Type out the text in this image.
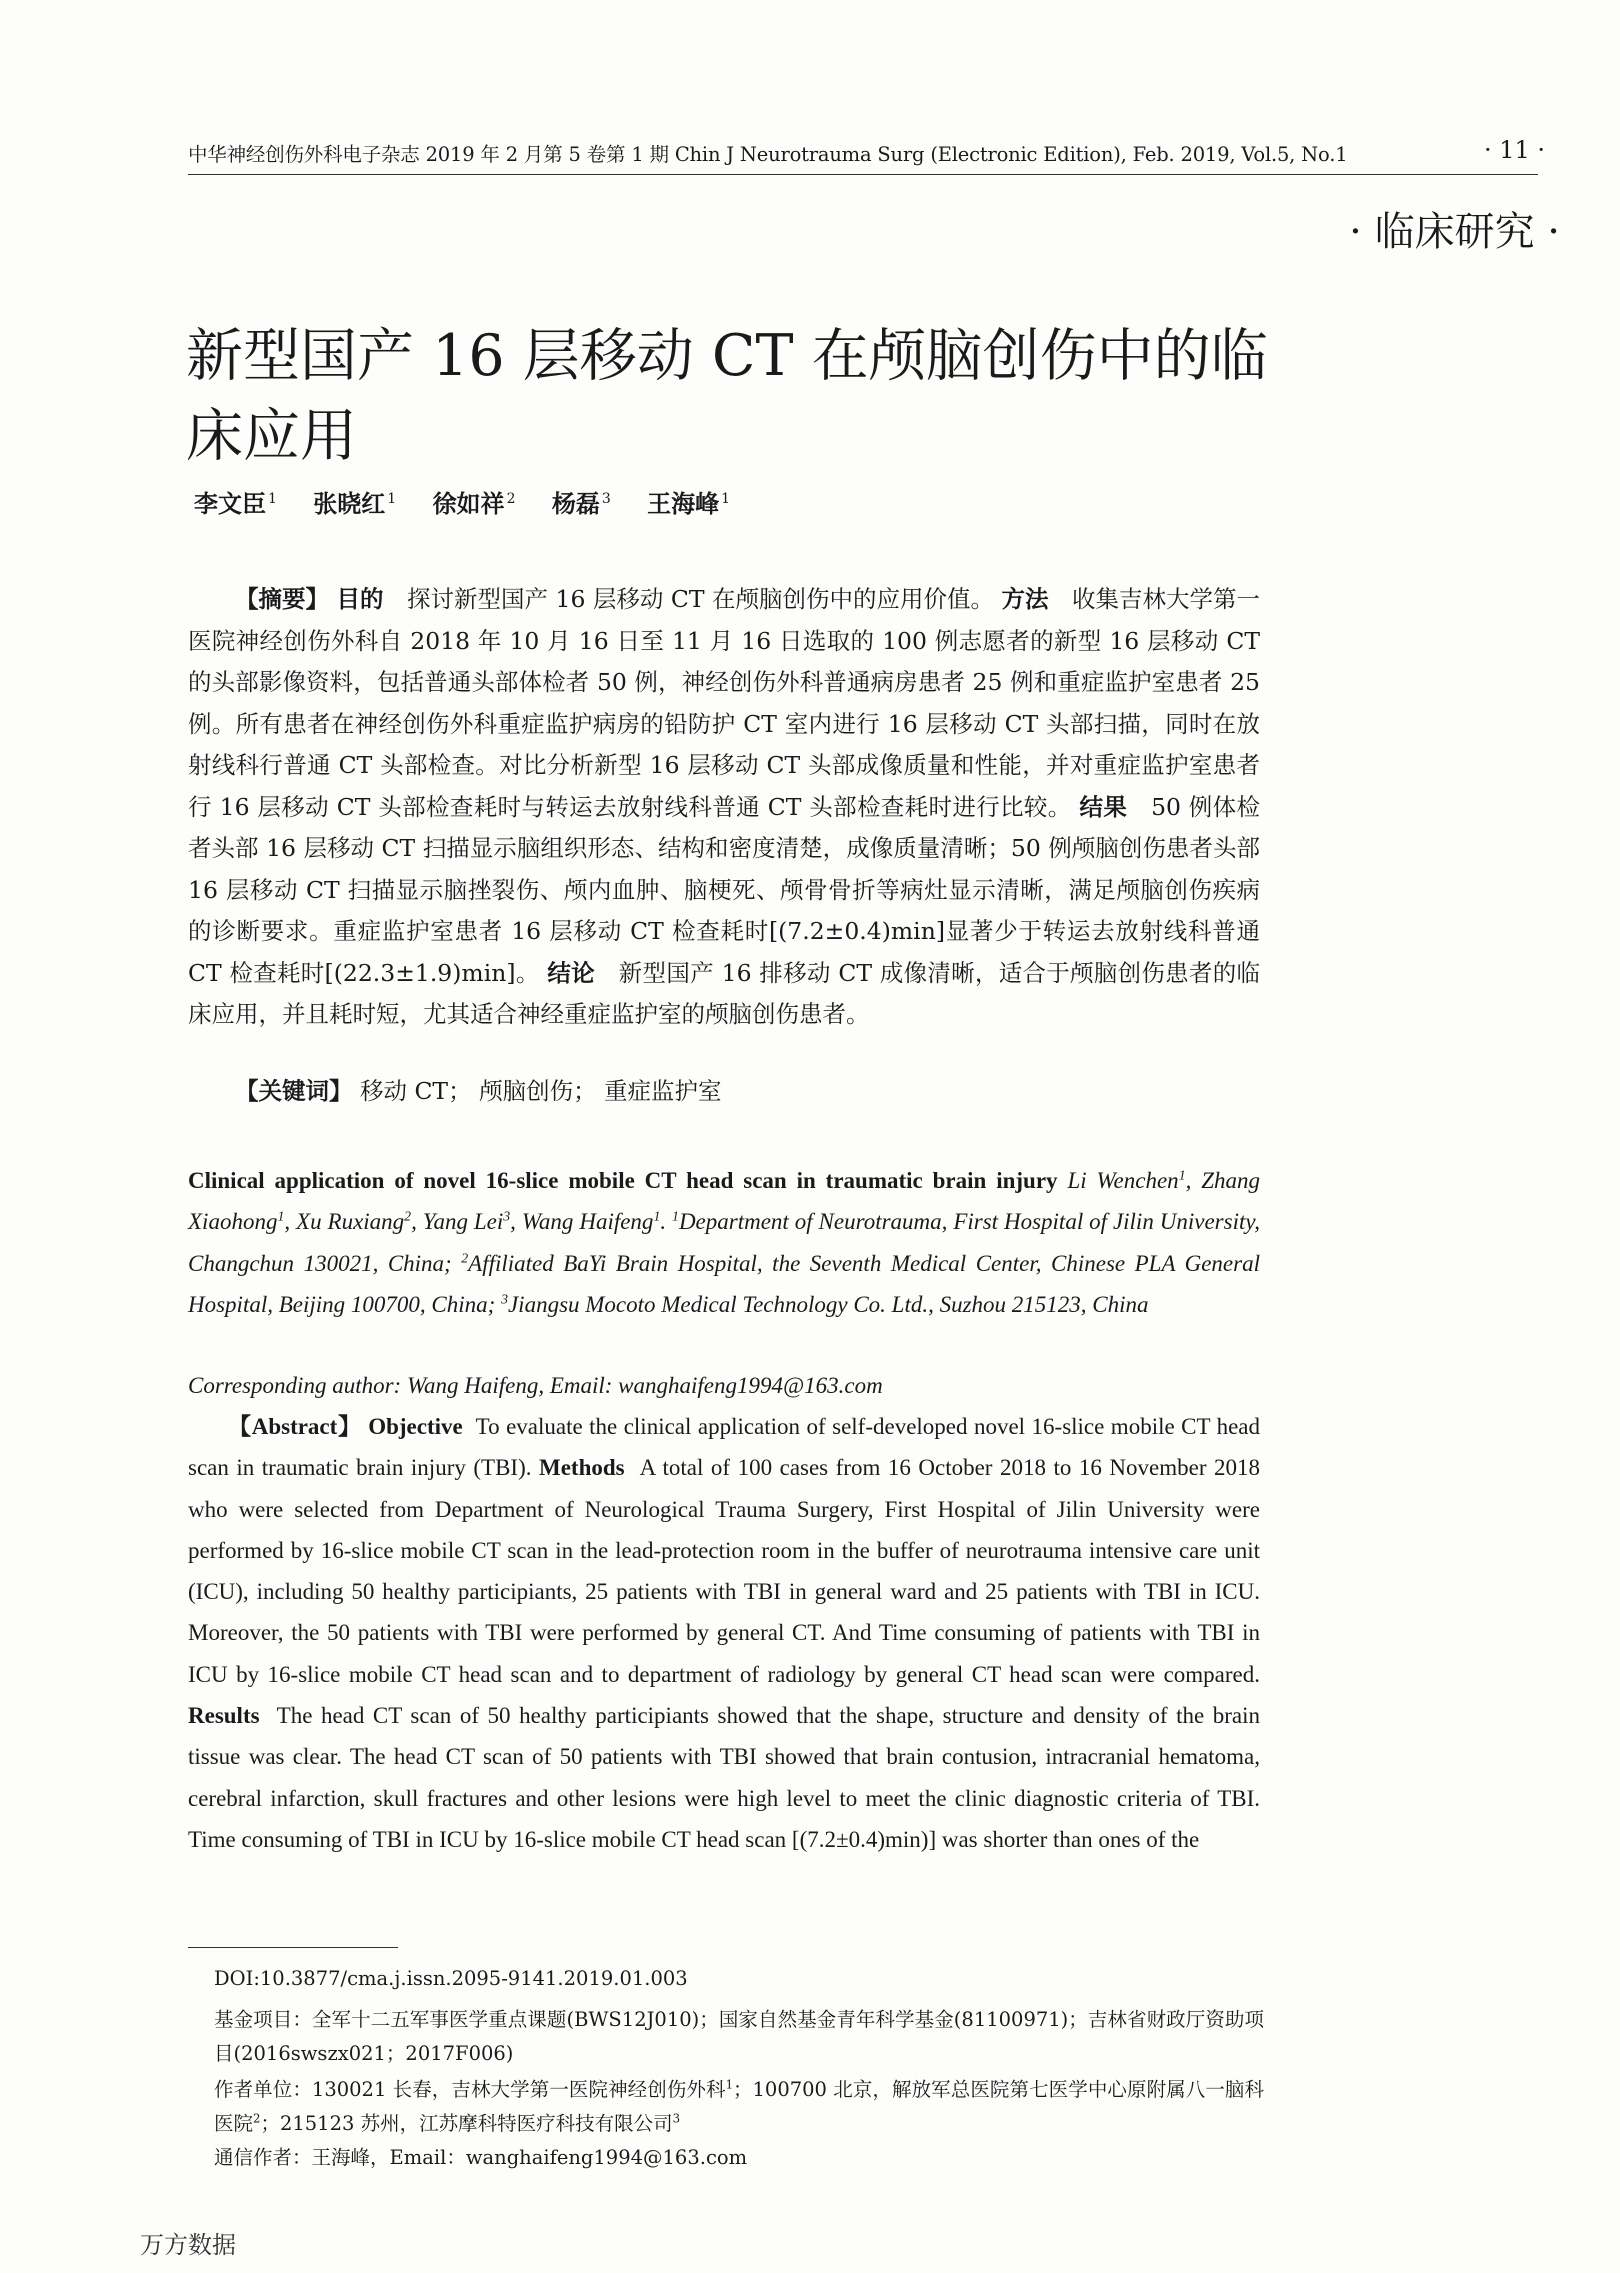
中华神经创伤外科电子杂志 2019 年 2 月第 5 卷第 1 期 Chin J Neurotrauma Surg (Electronic Edition), Feb. 2019, Vol.5, No.1	· 11 ·
· 临床研究 ·
新型国产 16 层移动 CT 在颅脑创伤中的临床应用
李文臣 $^1$ 张晓红 $^1$ 徐如祥 $^2$ 杨磊 $^3$ 王海峰 $^1$

【摘要】 目的　 探讨新型国产 16 层移动 CT 在颅脑创伤中的应用价值。 方法　 收集吉林大学第一医院神经创伤外科自 2018 年 10 月 16 日至 11 月 16 日选取的 100 例志愿者的新型 16 层移动 CT 的头部影像资料，包括普通头部体检者 50 例，神经创伤外科普通病房患者 25 例和重症监护室患者 25 例。所有患者在神经创伤外科重症监护病房的铅防护 CT 室内进行 16 层移动 CT 头部扫描，同时在放射线科行普通 CT 头部检查。对比分析新型 16 层移动 CT 头部成像质量和性能，并对重症监护室患者行 16 层移动 CT 头部检查耗时与转运去放射线科普通 CT 头部检查耗时进行比较。 结果　 50 例体检者头部 16 层移动 CT 扫描显示脑组织形态、结构和密度清楚，成像质量清晰；50 例颅脑创伤患者头部 16 层移动 CT 扫描显示脑挫裂伤、颅内血肿、脑梗死、颅骨骨折等病灶显示清晰，满足颅脑创伤疾病的诊断要求。重症监护室患者 16 层移动 CT 检查耗时[(7.2±0.4)min]显著少于转运去放射线科普通 CT 检查耗时[(22.3±1.9)min]。 结论　 新型国产 16 排移动 CT 成像清晰，适合于颅脑创伤患者的临床应用，并且耗时短，尤其适合神经重症监护室的颅脑创伤患者。

【关键词】 移动 CT； 颅脑创伤； 重症监护室

Clinical application of novel 16-slice mobile CT head scan in traumatic brain injury Li Wenchen$^1$, Zhang Xiaohong$^1$, Xu Ruxiang$^2$, Yang Lei$^3$, Wang Haifeng$^1$. $^1$Department of Neurotrauma, First Hospital of Jilin University, Changchun 130021, China; $^2$Affiliated BaYi Brain Hospital, the Seventh Medical Center, Chinese PLA General Hospital, Beijing 100700, China; $^3$Jiangsu Mocoto Medical Technology Co. Ltd., Suzhou 215123, China

Corresponding author: Wang Haifeng, Email: wanghaifeng1994@163.com

【Abstract】 Objective To evaluate the clinical application of self-developed novel 16-slice mobile CT head scan in traumatic brain injury (TBI). Methods A total of 100 cases from 16 October 2018 to 16 November 2018 who were selected from Department of Neurological Trauma Surgery, First Hospital of Jilin University were performed by 16-slice mobile CT scan in the lead-protection room in the buffer of neurotrauma intensive care unit (ICU), including 50 healthy participiants, 25 patients with TBI in general ward and 25 patients with TBI in ICU. Moreover, the 50 patients with TBI were performed by general CT. And Time consuming of patients with TBI in ICU by 16-slice mobile CT head scan and to department of radiology by general CT head scan were compared. Results The head CT scan of 50 healthy participiants showed that the shape, structure and density of the brain tissue was clear. The head CT scan of 50 patients with TBI showed that brain contusion, intracranial hematoma, cerebral infarction, skull fractures and other lesions were high level to meet the clinic diagnostic criteria of TBI. Time consuming of TBI in ICU by 16-slice mobile CT head scan [(7.2±0.4)min)] was shorter than ones of the

DOI:10.3877/cma.j.issn.2095-9141.2019.01.003

基金项目：全军十二五军事医学重点课题(BWS12J010)；国家自然基金青年科学基金(81100971)；吉林省财政厅资助项目(2016swszx021；2017F006)

作者单位：130021 长春，吉林大学第一医院神经创伤外科$^1$；100700 北京，解放军总医院第七医学中心原附属八一脑科医院$^2$；215123 苏州，江苏摩科特医疗科技有限公司$^3$

通信作者：王海峰，Email：wanghaifeng1994@163.com

万方数据
